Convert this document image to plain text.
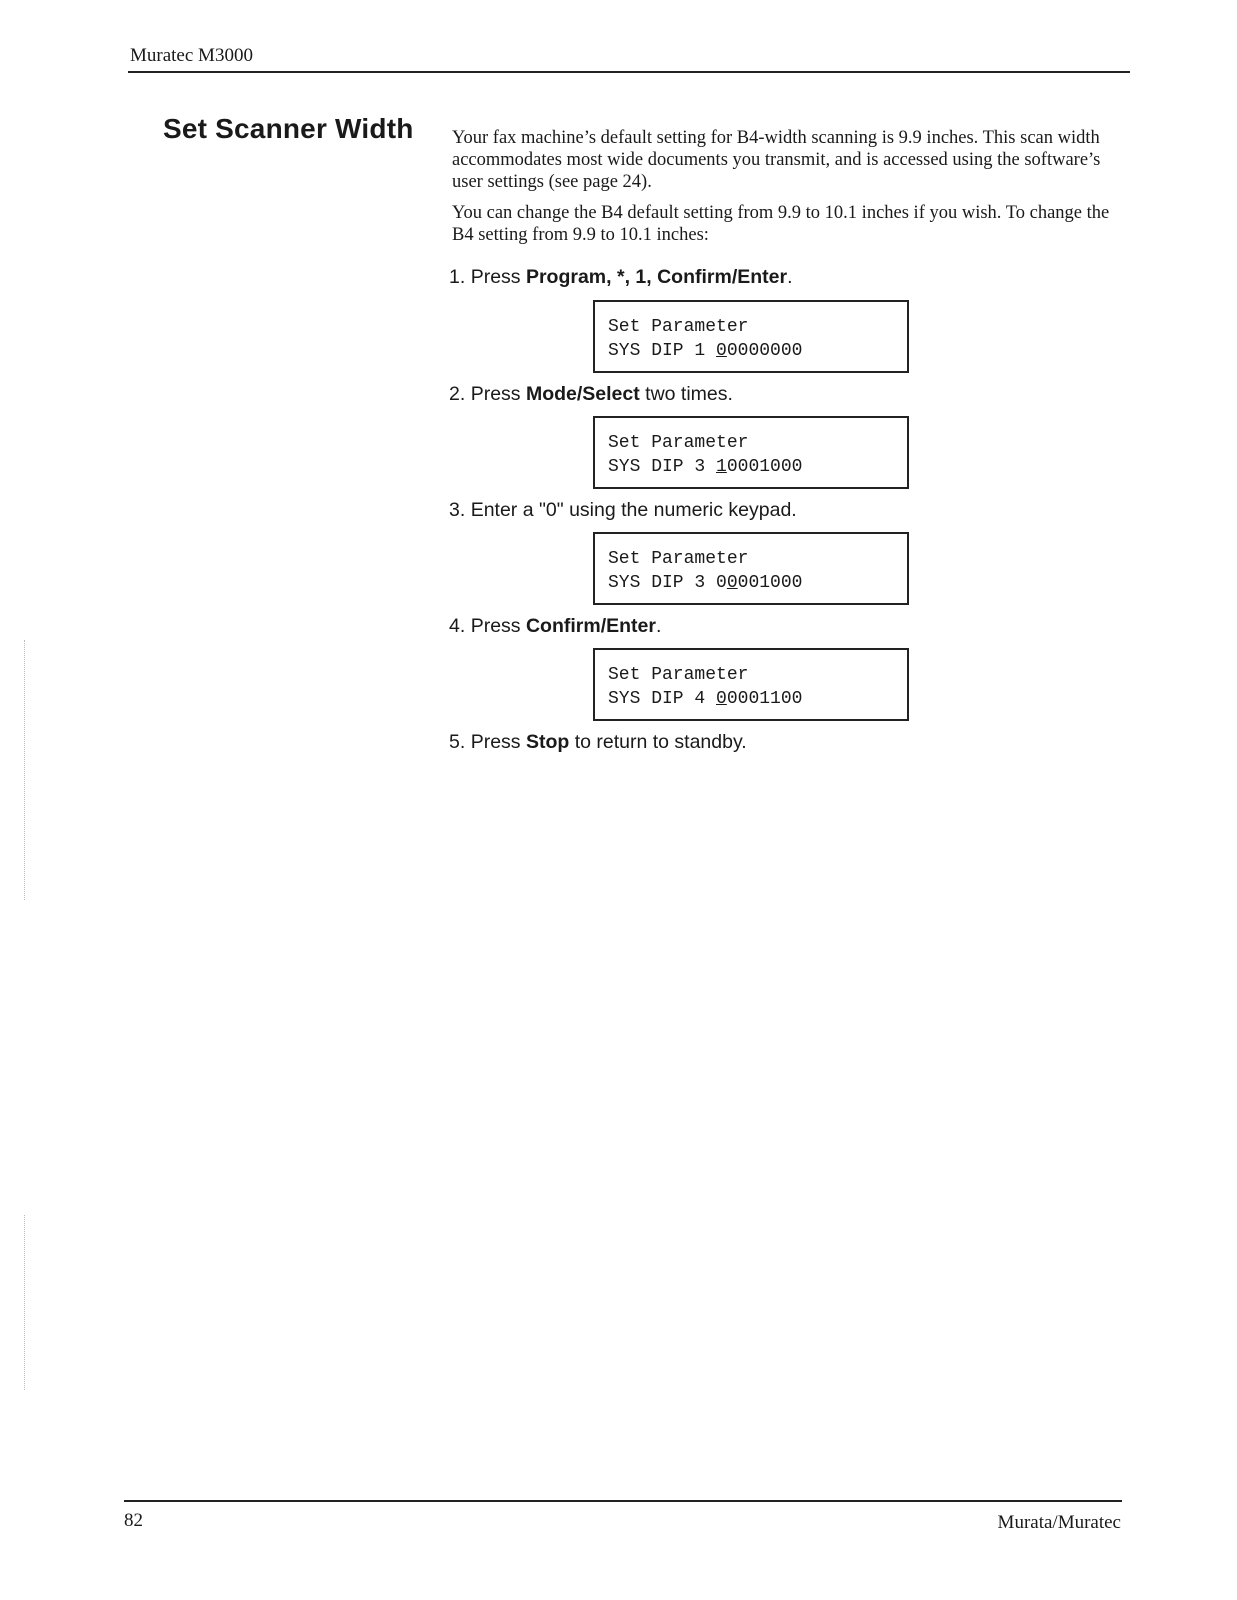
Muratec M3000
Set Scanner Width Your fax machine’s default setting for B4-width scanning is 9.9 inches. This scan width accommodates most wide documents you transmit, and is accessed using the software’s user settings (see page 24).

You can change the B4 default setting from 9.9 to 10.1 inches if you wish. To change the B4 setting from 9.9 to 10.1 inches:

1. Press Program, *, 1, Confirm/Enter.
Set Parameter
SYS DIP 1 00000000
2. Press Mode/Select two times.
Set Parameter
SYS DIP 3 10001000
3. Enter a "0" using the numeric keypad.
Set Parameter
SYS DIP 3 00001000
4. Press Confirm/Enter.
Set Parameter
SYS DIP 4 00001100
5. Press Stop to return to standby.
82	Murata/Muratec
